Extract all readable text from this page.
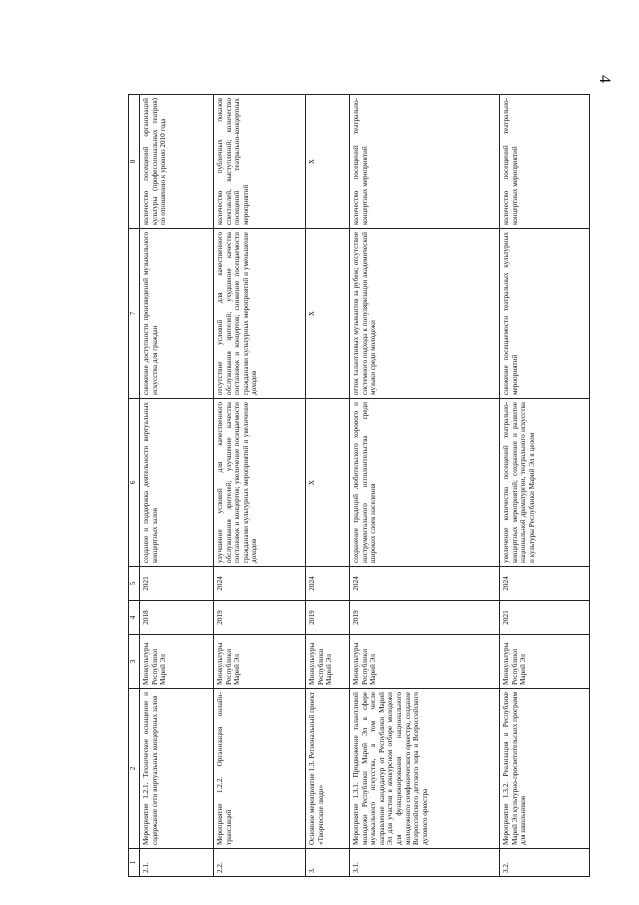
4
1	2	3	4	5	6	7	8
2.1.	Мероприятие 1.2.1. Техническое оснащение и содержание сети виртуальных концертных залов	Минкультуры Республики Марий Эл	2018	2021	создание и поддержка деятельности виртуальных концертных залов	снижение доступности произведений музыкального искусства для граждан	количество посещений организаций культуры (профессиональных театров) по отношению к уровню 2010 года
2.2.	Мероприятие 1.2.2. Организация онлайн-трансляций	Минкультуры Республики Марий Эл	2019	2024	улучшение условий для качественного обслуживания зрителей; улучшение качества постановок и концертов; увеличение посещаемости гражданами культурных мероприятий и увеличение доходов	отсутствие условий для качественного обслуживания зрителей; ухудшение качества постановок и концертов; снижение посещаемости гражданами культурных мероприятий и уменьшение доходов	количество публичных показов спектаклей, выступлений; количество посещений театрально-концертных мероприятий
3.	Основное мероприятие 1.3. Региональный проект «Творческие люди»	Минкультуры Республики Марий Эл	2019	2024	Х	Х	Х
3.1.	Мероприятие 1.3.1. Продвижение талантливой молодежи Республики Марий Эл в сфере музыкального искусства, в том числе направление кандидатур от Республики Марий Эл для участия в конкурсном отборе молодежи для функционирования национального молодежного симфонического оркестра, создание Всероссийского детского хора и Всероссийского духового оркестра	Минкультуры Республики Марий Эл	2019	2024	сохранение традиций любительского хорового и инструментального исполнительства среди широких слоев населения	отток талантливых музыкантов за рубеж; отсутствие системного подхода к популяризации академической музыки среди молодежи	количество посещений театрально-концертных мероприятий
3.2.	Мероприятие 1.3.2. Реализация в Республике Марий Эл культурно-просветительских программ для школьников	Минкультуры Республики Марий Эл	2021	2024	увеличение количества посещений театрально-концертных мероприятий; сохранение и развитие национальной драматургии, театрального искусства и культуры Республики Марий Эл в целом	снижение посещаемости театральных культурных мероприятий	количество посещений театрально-концертных мероприятий
